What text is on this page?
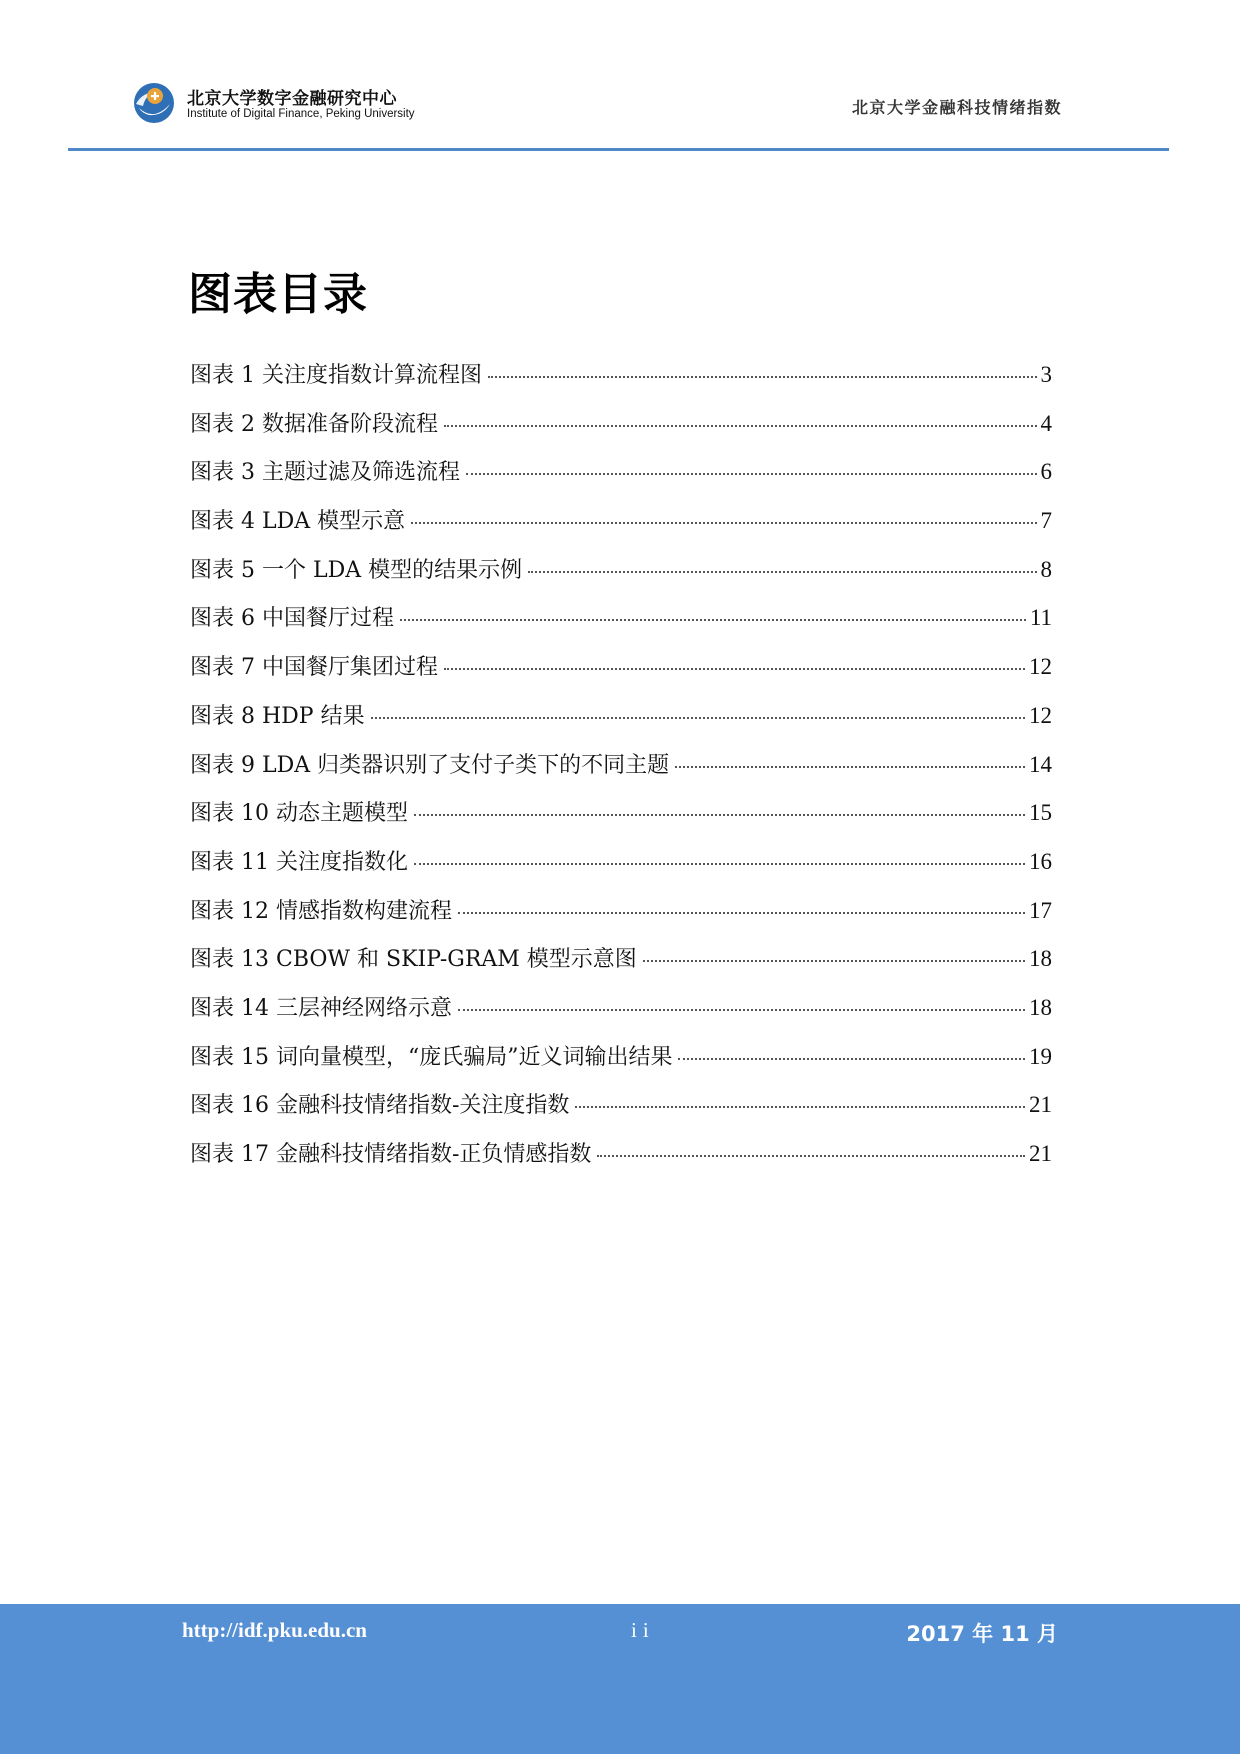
北京大学数字金融研究中心
Institute of Digital Finance, Peking University	北京大学金融科技情绪指数
图表目录
图表 1 关注度指数计算流程图	3
图表 2 数据准备阶段流程	4
图表 3 主题过滤及筛选流程	6
图表 4 LDA 模型示意	7
图表 5 一个 LDA 模型的结果示例	8
图表 6 中国餐厅过程	11
图表 7 中国餐厅集团过程	12
图表 8 HDP 结果	12
图表 9 LDA 归类器识别了支付子类下的不同主题	14
图表 10 动态主题模型	15
图表 11 关注度指数化	16
图表 12 情感指数构建流程	17
图表 13 CBOW 和 SKIP-GRAM 模型示意图	18
图表 14 三层神经网络示意	18
图表 15 词向量模型，“庞氏骗局”近义词输出结果	19
图表 16 金融科技情绪指数-关注度指数	21
图表 17 金融科技情绪指数-正负情感指数	21
http://idf.pku.edu.cn	ii	2017 年 11 月
